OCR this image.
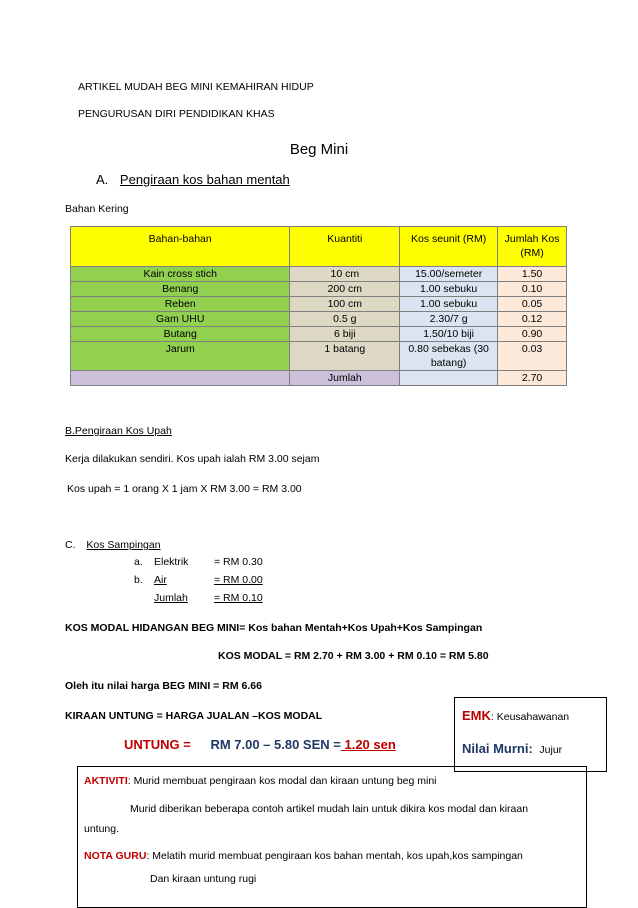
ARTIKEL MUDAH BEG MINI KEMAHIRAN HIDUP
PENGURUSAN DIRI PENDIDIKAN KHAS
Beg Mini
A. Pengiraan kos bahan mentah
Bahan Kering
Bahan-bahan	Kuantiti	Kos seunit (RM)	Jumlah Kos (RM)
Kain cross stich	10 cm	15.00/semeter	1.50
Benang	200 cm	1.00 sebuku	0.10
Reben	100 cm	1.00 sebuku	0.05
Gam UHU	0.5 g	2.30/7 g	0.12
Butang	6 biji	1.50/10 biji	0.90
Jarum	1 batang	0.80 sebekas (30 batang)	0.03
	Jumlah		2.70
B.Pengiraan Kos Upah
Kerja dilakukan sendiri. Kos upah ialah RM 3.00 sejam
Kos upah = 1 orang X 1 jam X RM 3.00 = RM 3.00
C. Kos Sampingan
a. Elektrik = RM 0.30
b. Air	= RM 0.00
Jumlah = RM 0.10
KOS MODAL HIDANGAN BEG MINI= Kos bahan Mentah+Kos Upah+Kos Sampingan
KOS MODAL = RM 2.70 + RM 3.00 + RM 0.10 = RM 5.80
Oleh itu nilai harga BEG MINI = RM 6.66
KIRAAN UNTUNG = HARGA JUALAN –KOS MODAL
UNTUNG = RM 7.00 – 5.80 SEN = 1.20 sen
EMK: Keusahawanan
Nilai Murni: Jujur
AKTIVITI: Murid membuat pengiraan kos modal dan kiraan untung beg mini
Murid diberikan beberapa contoh artikel mudah lain untuk dikira kos modal dan kiraan
untung.
NOTA GURU: Melatih murid membuat pengiraan kos bahan mentah, kos upah,kos sampingan
Dan kiraan untung rugi
